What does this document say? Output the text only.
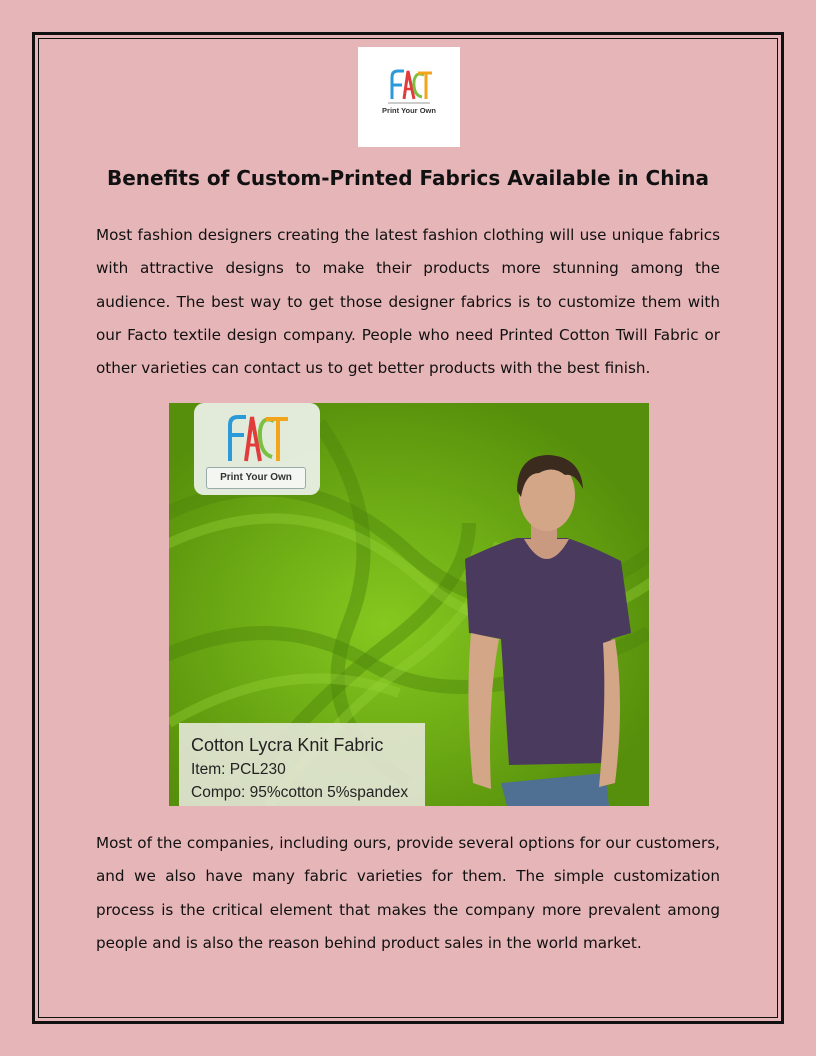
Print Your Own
Benefits of Custom-Printed Fabrics Available in China

Most fashion designers creating the latest fashion clothing will use unique fabrics with attractive designs to make their products more stunning among the audience. The best way to get those designer fabrics is to customize them with our Facto textile design company. People who need Printed Cotton Twill Fabric or other varieties can contact us to get better products with the best finish.

Print Your Own
Cotton Lycra Knit Fabric
Item: PCL230
Compo: 95%cotton 5%spandex

Most of the companies, including ours, provide several options for our customers, and we also have many fabric varieties for them. The simple customization process is the critical element that makes the company more prevalent among people and is also the reason behind product sales in the world market.
